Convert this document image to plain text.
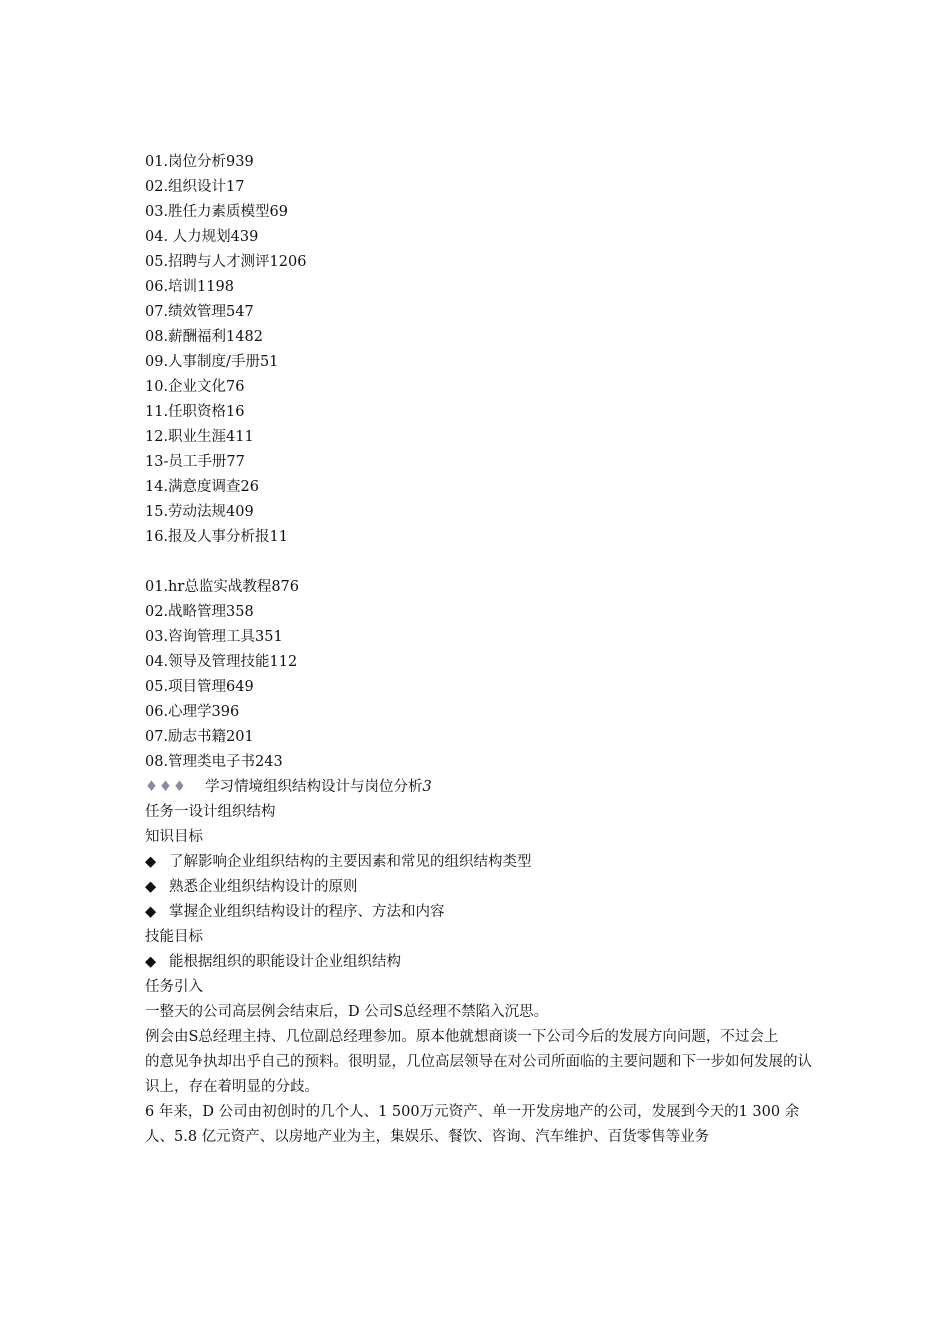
01.岗位分析939
02.组织设计17
03.胜任力素质模型69
04. 人力规划439
05.招聘与人才测评1206
06.培训1198
07.绩效管理547
08.薪酬福利1482
09.人事制度/手册51
10.企业文化76
11.任职资格16
12.职业生涯411
13-员工手册77
14.满意度调查26
15.劳动法规409
16.报及人事分析报11
01.hr总监实战教程876
02.战略管理358
03.咨询管理工具351
04.领导及管理技能112
05.项目管理649
06.心理学396
07.励志书籍201
08.管理类电子书243
♦♦♦ 学习情境组织结构设计与岗位分析3
任务一设计组织结构
知识目标
◆ 了解影响企业组织结构的主要因素和常见的组织结构类型
◆ 熟悉企业组织结构设计的原则
◆ 掌握企业组织结构设计的程序、方法和内容
技能目标
◆ 能根据组织的职能设计企业组织结构
任务引入
一整天的公司高层例会结束后，D 公司S总经理不禁陷入沉思。
例会由S总经理主持、几位副总经理参加。原本他就想商谈一下公司今后的发展方向问题，不过会上
的意见争执却出乎自己的预料。很明显，几位高层领导在对公司所面临的主要问题和下一步如何发展的认
识上，存在着明显的分歧。
6 年来，D 公司由初创时的几个人、1 500万元资产、单一开发房地产的公司，发展到今天的1 300 余
人、5.8 亿元资产、以房地产业为主，集娱乐、餐饮、咨询、汽车维护、百货零售等业务
